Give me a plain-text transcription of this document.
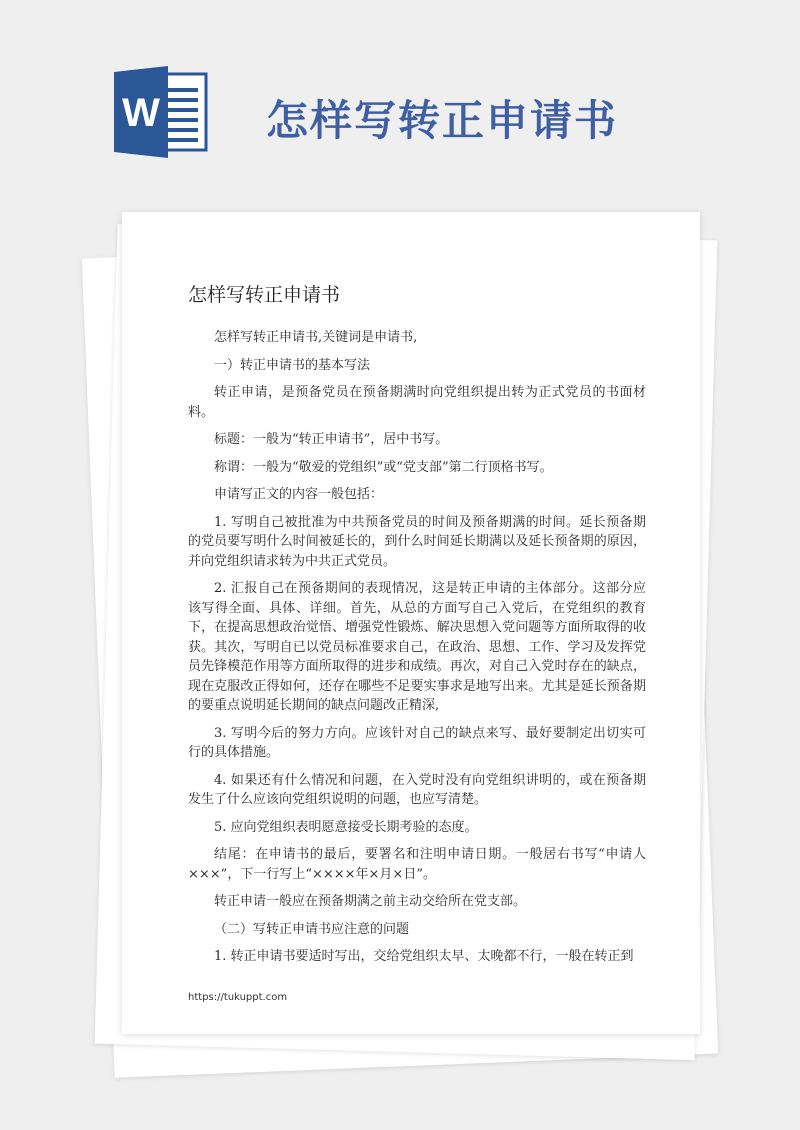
W	怎样写转正申请书
怎样写转正申请书

怎样写转正申请书,关键词是申请书,

一）转正申请书的基本写法

转正申请，是预备党员在预备期满时向党组织提出转为正式党员的书面材料。

标题：一般为“转正申请书”，居中书写。

称谓：一般为“敬爱的党组织”或“党支部”第二行顶格书写。

申请写正文的内容一般包括：

1. 写明自己被批准为中共预备党员的时间及预备期满的时间。延长预备期的党员要写明什么时间被延长的，到什么时间延长期满以及延长预备期的原因，并向党组织请求转为中共正式党员。

2. 汇报自己在预备期间的表现情况，这是转正申请的主体部分。这部分应该写得全面、具体、详细。首先，从总的方面写自己入党后，在党组织的教育下，在提高思想政治觉悟、增强党性锻炼、解决思想入党问题等方面所取得的收获。其次，写明自已以党员标准要求自己，在政治、思想、工作、学习及发挥党员先锋模范作用等方面所取得的进步和成绩。再次，对自己入党时存在的缺点，现在克服改正得如何，还存在哪些不足要实事求是地写出来。尤其是延长预备期的要重点说明延长期间的缺点问题改正精深,

3. 写明今后的努力方向。应该针对自己的缺点来写、最好要制定出切实可行的具体措施。

4. 如果还有什么情况和问题，在入党时没有向党组织讲明的，或在预备期发生了什么应该向党组织说明的问题，也应写清楚。

5. 应向党组织表明愿意接受长期考验的态度。

结尾：在申请书的最后，要署名和注明申请日期。一般居右书写“申请人×××”，下一行写上“××××年×月×日”。

转正申请一般应在预备期满之前主动交给所在党支部。

（二）写转正申请书应注意的问题

1. 转正申请书要适时写出，交给党组织太早、太晚都不行，一般在转正到

https://tukuppt.com
